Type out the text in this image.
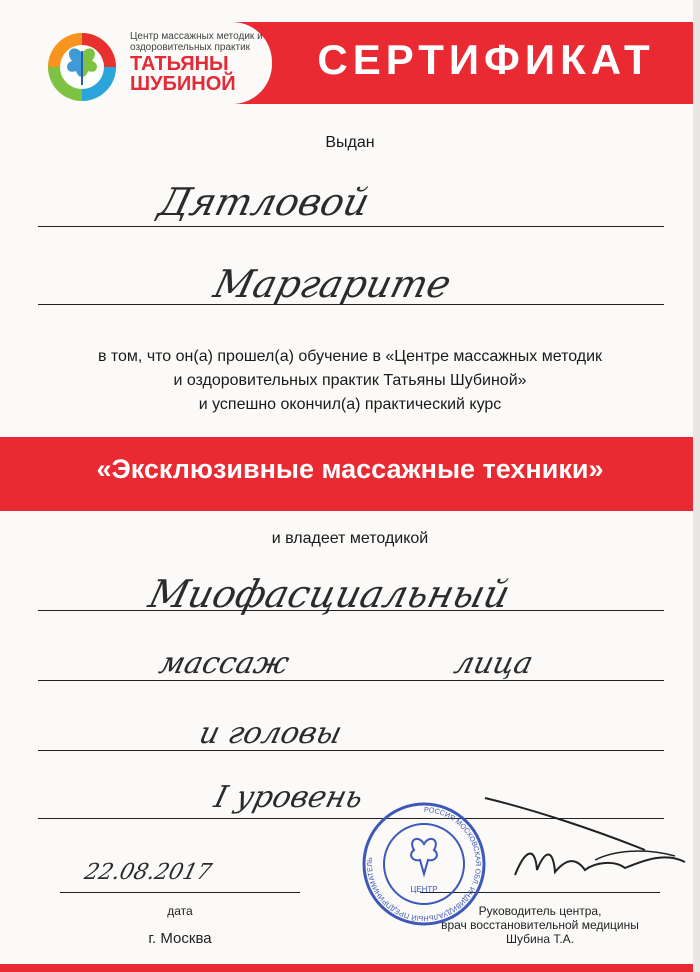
Центр массажных методик и
оздоровительных практик
ТАТЬЯНЫ
ШУБИНОЙ
СЕРТИФИКАТ
Выдан
Дятловой
Маргарите
в том, что он(а) прошел(а) обучение в «Центре массажных методик
и оздоровительных практик Татьяны Шубиной»
и успешно окончил(а) практический курс
«Эксклюзивные массажные техники»
и владеет методикой
Миофасциальный
массаж	лица
и головы
I уровень
22.08.2017
дата
г. Москва
РОССИЯ МОСКОВСКАЯ ОБЛ. ИНДИВИДУАЛЬНЫЙ ПРЕДПРИНИМАТЕЛЬ
ЦЕНТР
Руководитель центра,
врач восстановительной медицины
Шубина Т.А.
